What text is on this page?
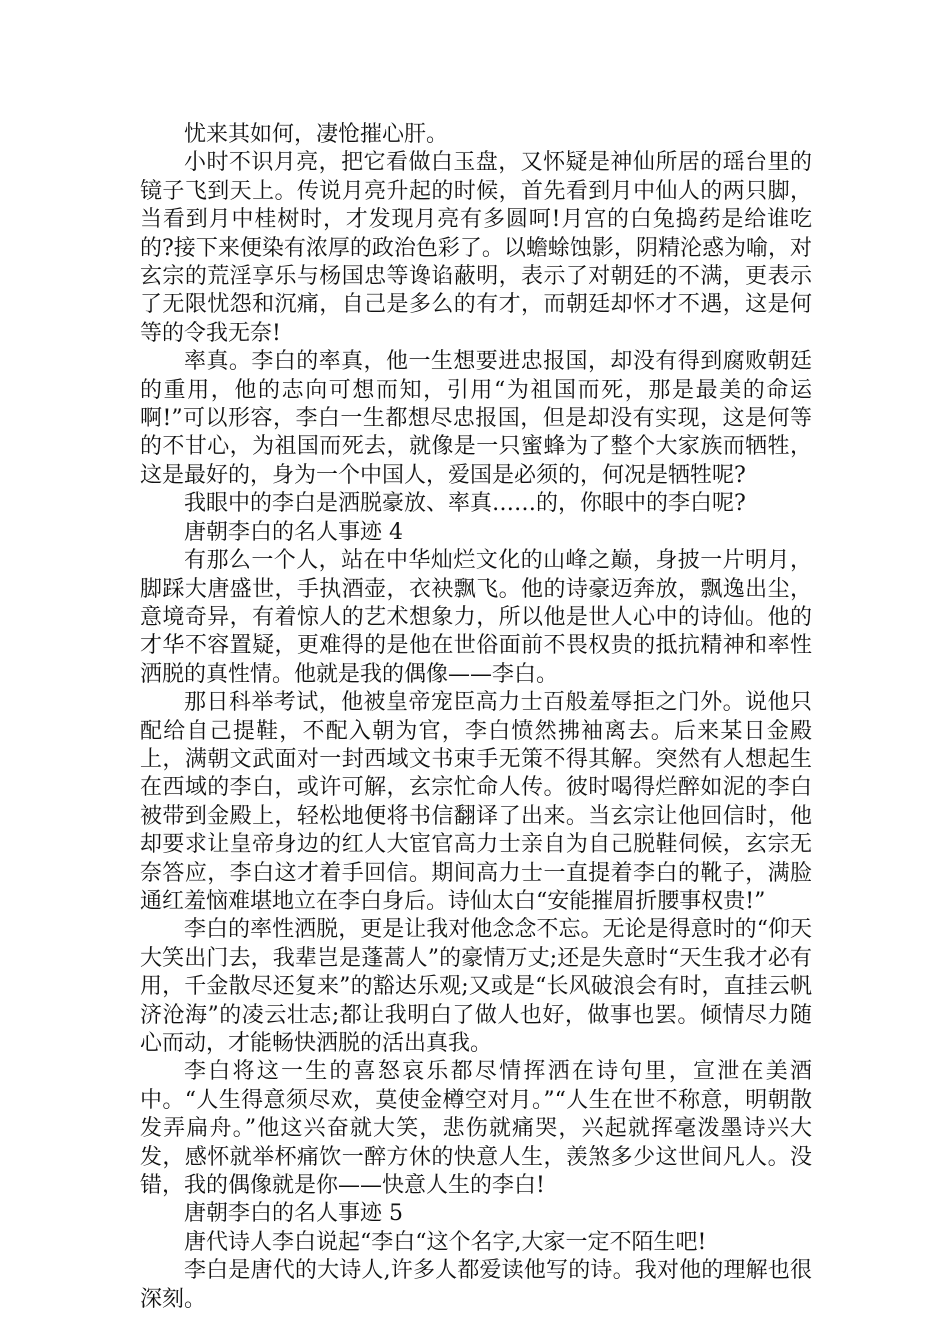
忧来其如何，凄怆摧心肝。

小时不识月亮，把它看做白玉盘，又怀疑是神仙所居的瑶台里的镜子飞到天上。传说月亮升起的时候，首先看到月中仙人的两只脚，当看到月中桂树时，才发现月亮有多圆呵!月宫的白兔捣药是给谁吃的?接下来便染有浓厚的政治色彩了。以蟾蜍蚀影，阴精沦惑为喻，对玄宗的荒淫享乐与杨国忠等谗谄蔽明，表示了对朝廷的不满，更表示了无限忧怨和沉痛，自己是多么的有才，而朝廷却怀才不遇，这是何等的令我无奈!

率真。李白的率真，他一生想要进忠报国，却没有得到腐败朝廷的重用，他的志向可想而知，引用“为祖国而死，那是最美的命运啊!”可以形容，李白一生都想尽忠报国，但是却没有实现，这是何等的不甘心，为祖国而死去，就像是一只蜜蜂为了整个大家族而牺牲，这是最好的，身为一个中国人，爱国是必须的，何况是牺牲呢?

我眼中的李白是洒脱豪放、率真……的，你眼中的李白呢?

唐朝李白的名人事迹 4

有那么一个人，站在中华灿烂文化的山峰之巅，身披一片明月，脚踩大唐盛世，手执酒壶，衣袂飘飞。他的诗豪迈奔放，飘逸出尘，意境奇异，有着惊人的艺术想象力，所以他是世人心中的诗仙。他的才华不容置疑，更难得的是他在世俗面前不畏权贵的抵抗精神和率性洒脱的真性情。他就是我的偶像——李白。

那日科举考试，他被皇帝宠臣高力士百般羞辱拒之门外。说他只配给自己提鞋，不配入朝为官，李白愤然拂袖离去。后来某日金殿上，满朝文武面对一封西域文书束手无策不得其解。突然有人想起生在西域的李白，或许可解，玄宗忙命人传。彼时喝得烂醉如泥的李白被带到金殿上，轻松地便将书信翻译了出来。当玄宗让他回信时，他却要求让皇帝身边的红人大宦官高力士亲自为自己脱鞋伺候，玄宗无奈答应，李白这才着手回信。期间高力士一直提着李白的靴子，满脸通红羞恼难堪地立在李白身后。诗仙太白“安能摧眉折腰事权贵!”

李白的率性洒脱，更是让我对他念念不忘。无论是得意时的“仰天大笑出门去，我辈岂是蓬蒿人”的豪情万丈;还是失意时“天生我才必有用，千金散尽还复来”的豁达乐观;又或是“长风破浪会有时，直挂云帆济沧海”的凌云壮志;都让我明白了做人也好，做事也罢。倾情尽力随心而动，才能畅快洒脱的活出真我。

李白将这一生的喜怒哀乐都尽情挥洒在诗句里，宣泄在美酒中。“人生得意须尽欢，莫使金樽空对月。”“人生在世不称意，明朝散发弄扁舟。”他这兴奋就大笑，悲伤就痛哭，兴起就挥毫泼墨诗兴大发，感怀就举杯痛饮一醉方休的快意人生，羡煞多少这世间凡人。没错，我的偶像就是你——快意人生的李白!

唐朝李白的名人事迹 5

唐代诗人李白说起“李白“这个名字,大家一定不陌生吧!

李白是唐代的大诗人,许多人都爱读他写的诗。我对他的理解也很深刻。
